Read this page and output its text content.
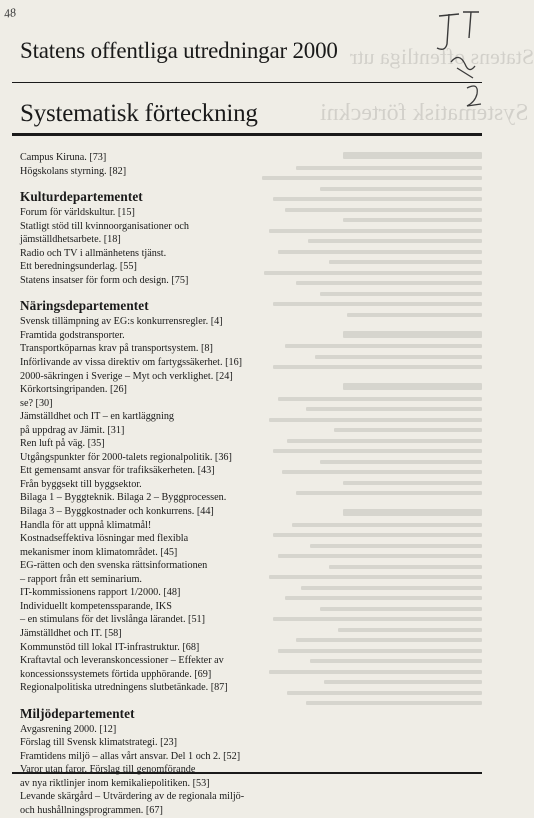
Statens offentliga utr
Systematisk förteckni
48
Statens offentliga utredningar 2000
Systematisk förteckning
Campus Kiruna. [73]
Högskolans styrning. [82]
Kulturdepartementet
Forum för världskultur. [15]
Statligt stöd till kvinnoorganisationer och
jämställdhetsarbete. [18]
Radio och TV i allmänhetens tjänst.
Ett beredningsunderlag. [55]
Statens insatser för form och design. [75]
Näringsdepartementet
Svensk tillämpning av EG:s konkurrensregler. [4]
Framtida godstransporter.
Transportköparnas krav på transportsystem. [8]
Införlivande av vissa direktiv om fartygssäkerhet. [16]
2000-säkringen i Sverige – Myt och verklighet. [24]
Körkortsingripanden. [26]
se? [30]
Jämställdhet och IT – en kartläggning
på uppdrag av Jämit. [31]
Ren luft på väg. [35]
Utgångspunkter för 2000-talets regionalpolitik. [36]
Ett gemensamt ansvar för trafiksäkerheten. [43]
Från byggsekt till byggsektor.
Bilaga 1 – Byggteknik. Bilaga 2 – Byggprocessen.
Bilaga 3 – Byggkostnader och konkurrens. [44]
Handla för att uppnå klimatmål!
Kostnadseffektiva lösningar med flexibla
mekanismer inom klimatområdet. [45]
EG-rätten och den svenska rättsinformationen
– rapport från ett seminarium.
IT-kommissionens rapport 1/2000. [48]
Individuellt kompetenssparande, IKS
– en stimulans för det livslånga lärandet. [51]
Jämställdhet och IT. [58]
Kommunstöd till lokal IT-infrastruktur. [68]
Kraftavtal och leveranskoncessioner – Effekter av
koncessionssystemets förtida upphörande. [69]
Regionalpolitiska utredningens slutbetänkade. [87]
Miljödepartementet
Avgasrening 2000. [12]
Förslag till Svensk klimatstrategi. [23]
Framtidens miljö – allas vårt ansvar. Del 1 och 2. [52]
Varor utan faror. Förslag till genomförande
av nya riktlinjer inom kemikaliepolitiken. [53]
Levande skärgård – Utvärdering av de regionala miljö-
och hushållningsprogrammen. [67]
